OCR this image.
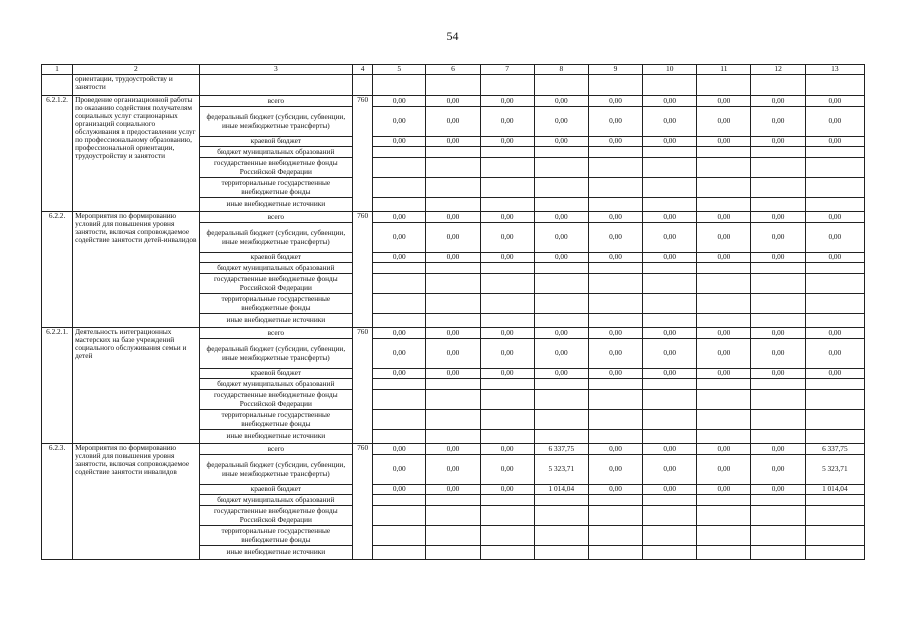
54
1	2	3	4	5	6	7	8	9	10	11	12	13
	ориентации, трудоустройству и занятости											
6.2.1.2.	Проведение организационной работы по оказанию содействия получателям социальных услуг стационарных организаций социального обслуживания в предоставлении услуг по профессиональному образованию, профессиональной ориентации, трудоустройству и занятости	всего	760	0,00	0,00	0,00	0,00	0,00	0,00	0,00	0,00	0,00
		федеральный бюджет (субсидии, субвенции, иные межбюджетные трансферты)		0,00	0,00	0,00	0,00	0,00	0,00	0,00	0,00	0,00
		краевой бюджет		0,00	0,00	0,00	0,00	0,00	0,00	0,00	0,00	0,00
		бюджет муниципальных образований										
		государственные внебюджетные фонды Российской Федерации										
		территориальные государственные внебюджетные фонды										
		иные внебюджетные источники										
6.2.2.	Мероприятия по формированию условий для повышения уровня занятости, включая сопровождаемое содействие занятости детей-инвалидов	всего	760	0,00	0,00	0,00	0,00	0,00	0,00	0,00	0,00	0,00
		федеральный бюджет (субсидии, субвенции, иные межбюджетные трансферты)		0,00	0,00	0,00	0,00	0,00	0,00	0,00	0,00	0,00
		краевой бюджет		0,00	0,00	0,00	0,00	0,00	0,00	0,00	0,00	0,00
		бюджет муниципальных образований										
		государственные внебюджетные фонды Российской Федерации										
		территориальные государственные внебюджетные фонды										
		иные внебюджетные источники										
6.2.2.1.	Деятельность интеграционных мастерских на базе учреждений социального обслуживания семьи и детей	всего	760	0,00	0,00	0,00	0,00	0,00	0,00	0,00	0,00	0,00
		федеральный бюджет (субсидии, субвенции, иные межбюджетные трансферты)		0,00	0,00	0,00	0,00	0,00	0,00	0,00	0,00	0,00
		краевой бюджет		0,00	0,00	0,00	0,00	0,00	0,00	0,00	0,00	0,00
		бюджет муниципальных образований										
		государственные внебюджетные фонды Российской Федерации										
		территориальные государственные внебюджетные фонды										
		иные внебюджетные источники										
6.2.3.	Мероприятия по формированию условий для повышения уровня занятости, включая сопровождаемое содействие занятости инвалидов	всего	760	0,00	0,00	0,00	6 337,75	0,00	0,00	0,00	0,00	6 337,75
		федеральный бюджет (субсидии, субвенции, иные межбюджетные трансферты)		0,00	0,00	0,00	5 323,71	0,00	0,00	0,00	0,00	5 323,71
		краевой бюджет		0,00	0,00	0,00	1 014,04	0,00	0,00	0,00	0,00	1 014,04
		бюджет муниципальных образований										
		государственные внебюджетные фонды Российской Федерации										
		территориальные государственные внебюджетные фонды										
		иные внебюджетные источники										
